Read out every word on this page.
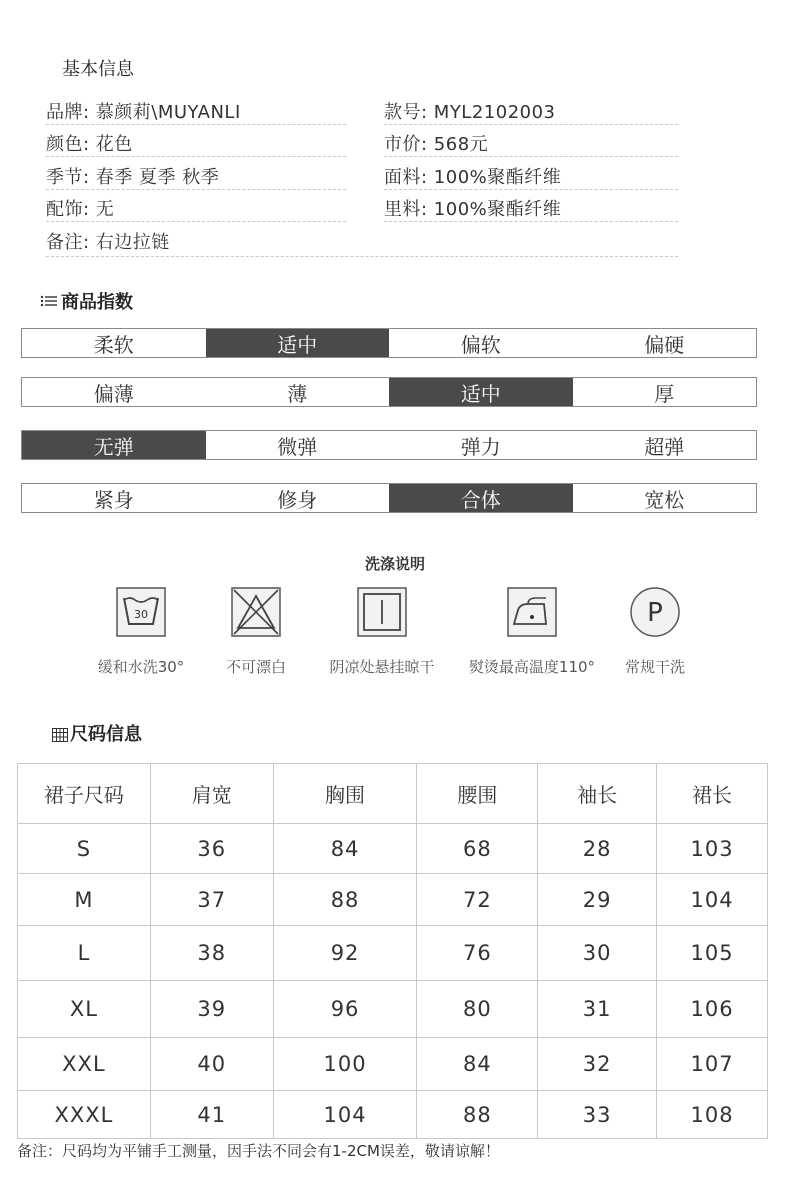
基本信息
品牌: 慕颜莉\MUYANLI	款号: MYL2102003
颜色: 花色	市价: 568元
季节: 春季 夏季 秋季	面料: 100%聚酯纤维
配饰: 无	里料: 100%聚酯纤维
备注: 右边拉链
商品指数
柔软	适中	偏软	偏硬
偏薄	薄	适中	厚
无弹	微弹	弹力	超弹
紧身	修身	合体	宽松
洗涤说明
30
缓和水洗30°	不可漂白	阴凉处悬挂晾干	熨烫最高温度110°
P
常规干洗
尺码信息
裙子尺码	肩宽	胸围	腰围	袖长	裙长
S	36	84	68	28	103
M	37	88	72	29	104
L	38	92	76	30	105
XL	39	96	80	31	106
XXL	40	100	84	32	107
XXXL	41	104	88	33	108
备注：尺码均为平铺手工测量，因手法不同会有1-2CM误差，敬请谅解！
